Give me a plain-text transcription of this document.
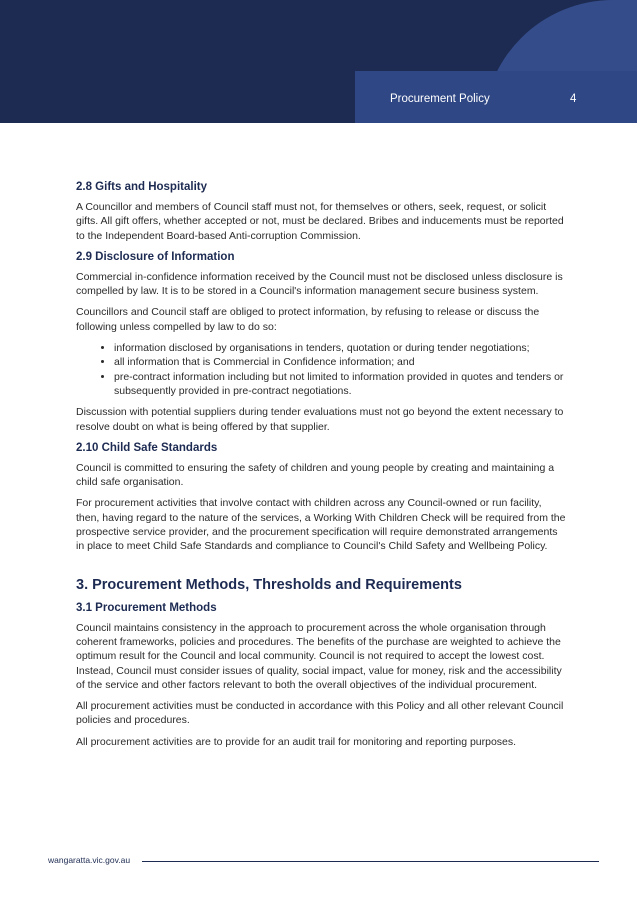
Procurement Policy	4
2.8 Gifts and Hospitality

A Councillor and members of Council staff must not, for themselves or others, seek, request, or solicit gifts. All gift offers, whether accepted or not, must be declared. Bribes and inducements must be reported to the Independent Board-based Anti-corruption Commission.

2.9 Disclosure of Information

Commercial in-confidence information received by the Council must not be disclosed unless disclosure is compelled by law. It is to be stored in a Council's information management secure business system.

Councillors and Council staff are obliged to protect information, by refusing to release or discuss the following unless compelled by law to do so:

• information disclosed by organisations in tenders, quotation or during tender negotiations;
• all information that is Commercial in Confidence information; and
• pre-contract information including but not limited to information provided in quotes and tenders or subsequently provided in pre-contract negotiations.

Discussion with potential suppliers during tender evaluations must not go beyond the extent necessary to resolve doubt on what is being offered by that supplier.

2.10 Child Safe Standards

Council is committed to ensuring the safety of children and young people by creating and maintaining a child safe organisation.

For procurement activities that involve contact with children across any Council-owned or run facility, then, having regard to the nature of the services, a Working With Children Check will be required from the prospective service provider, and the procurement specification will require demonstrated arrangements in place to meet Child Safe Standards and compliance to Council's Child Safety and Wellbeing Policy.

3. Procurement Methods, Thresholds and Requirements
3.1 Procurement Methods

Council maintains consistency in the approach to procurement across the whole organisation through coherent frameworks, policies and procedures. The benefits of the purchase are weighted to achieve the optimum result for the Council and local community. Council is not required to accept the lowest cost. Instead, Council must consider issues of quality, social impact, value for money, risk and the accessibility of the service and other factors relevant to both the overall objectives of the individual procurement.

All procurement activities must be conducted in accordance with this Policy and all other relevant Council policies and procedures.

All procurement activities are to provide for an audit trail for monitoring and reporting purposes.

wangaratta.vic.gov.au
